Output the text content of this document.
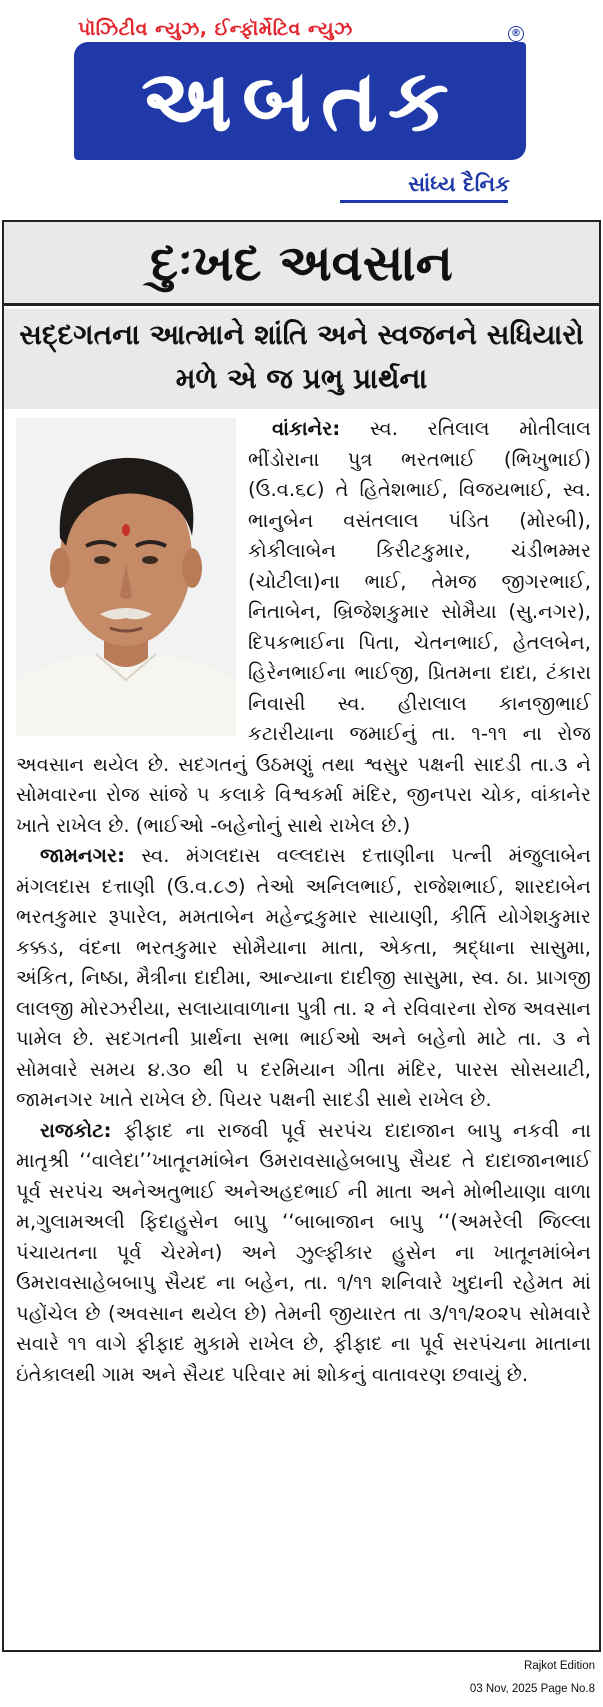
પૉઝિટીવ ન્યુઝ, ઈન્ફૉર્મેટિવ ન્યુઝ	®
અબતક
સાંધ્ય દૈનિક
દુઃખદ અવસાન
સદ્દગતના આત્માને શાંતિ અને સ્વજનને સધિયારો મળે એ જ પ્રભુ પ્રાર્થના

વાંકાનેર: સ્વ. રતિલાલ મોતીલાલ ભીંડોરાના પુત્ર ભરતભાઈ (ભિખુભાઈ) (ઉ.વ.૬૮) તે હિતેશભાઈ, વિજયભાઈ, સ્વ. ભાનુબેન વસંતલાલ પંડિત (મોરબી), કોકીલાબેન કિરીટકુમાર, ચંડીભમ્મર (ચોટીલા)ના ભાઈ, તેમજ જીગરભાઈ, નિતાબેન, બ્રિજેશકુમાર સોમૈયા (સુ.નગર), દિપકભાઈના પિતા, ચેતનભાઈ, હેતલબેન, હિરેનભાઈના ભાઈજી, પ્રિતમના દાદા, ટંકારા નિવાસી સ્વ. હીરાલાલ કાનજીભાઈ કટારીયાના જમાઈનું તા. ૧-૧૧ ના રોજ અવસાન થયેલ છે. સદગતનું ઉઠમણું તથા શ્વસુર પક્ષની સાદડી તા.૩ ને સોમવારના રોજ સાંજે ૫ કલાકે વિશ્વકર્મા મંદિર, જીનપરા ચોક, વાંકાનેર ખાતે રાખેલ છે. (ભાઈઓ -બહેનોનું સાથે રાખેલ છે.)

જામનગર: સ્વ. મંગલદાસ વલ્લદાસ દત્તાણીના પત્ની મંજુલાબેન મંગલદાસ દત્તાણી (ઉ.વ.૮૭) તેઓ અનિલભાઈ, રાજેશભાઈ, શારદાબેન ભરતકુમાર રૂપારેલ, મમતાબેન મહેન્દ્રકુમાર સાયાણી, કીર્તિ યોગેશકુમાર કક્કડ, વંદના ભરતકુમાર સોમૈયાના માતા, એકતા, શ્રદ્ધાના સાસુમા, અંકિત, નિષ્ઠા, મૈત્રીના દાદીમા, આન્યાના દાદીજી સાસુમા, સ્વ. ઠા. પ્રાગજી લાલજી મોરઝરીયા, સલાયાવાળાના પુત્રી તા. ૨ ને રવિવારના રોજ અવસાન પામેલ છે. સદગતની પ્રાર્થના સભા ભાઈઓ અને બહેનો માટે તા. ૩ ને સોમવારે સમય ૪.૩૦ થી ૫ દરમિયાન ગીતા મંદિર, પારસ સોસયાટી, જામનગર ખાતે રાખેલ છે. પિયર પક્ષની સાદડી સાથે રાખેલ છે.

રાજકોટ: ફીફાદ ના રાજવી પૂર્વ સરપંચ દાદાજાન બાપુ નકવી ના માતૃશ્રી ‘‘વાલેદા’’ખાતૂનમાંબેન ઉમરાવસાહેબબાપુ સૈયદ તે દાદાજાનભાઈ પૂર્વ સરપંચ અનેઅતુભાઈ અનેઅહદભાઈ ની માતા અને મોભીયાણા વાળા મ,ગુલામઅલી ફિદાહુસેન બાપુ ‘‘બાબાજાન બાપુ ‘‘(અમરેલી જિલ્લા પંચાયતના પૂર્વ ચેરમેન) અને ઝુલ્ફીકાર હુસેન ના ખાતૂનમાંબેન ઉમરાવસાહેબબાપુ સૈયદ ના બહેન, તા. ૧/૧૧ શનિવારે ખુદાની રહેમત માં પહોંચેલ છે (અવસાન થયેલ છે) તેમની જીયારત તા ૩/૧૧/૨૦૨૫ સોમવારે સવારે ૧૧ વાગે ફીફાદ મુકામે રાખેલ છે, ફીફાદ ના પૂર્વ સરપંચના માતાના ઇંતેકાલથી ગામ અને સૈયદ પરિવાર માં શોકનું વાતાવરણ છવાયું છે.

Rajkot Edition
03 Nov, 2025 Page No.8
